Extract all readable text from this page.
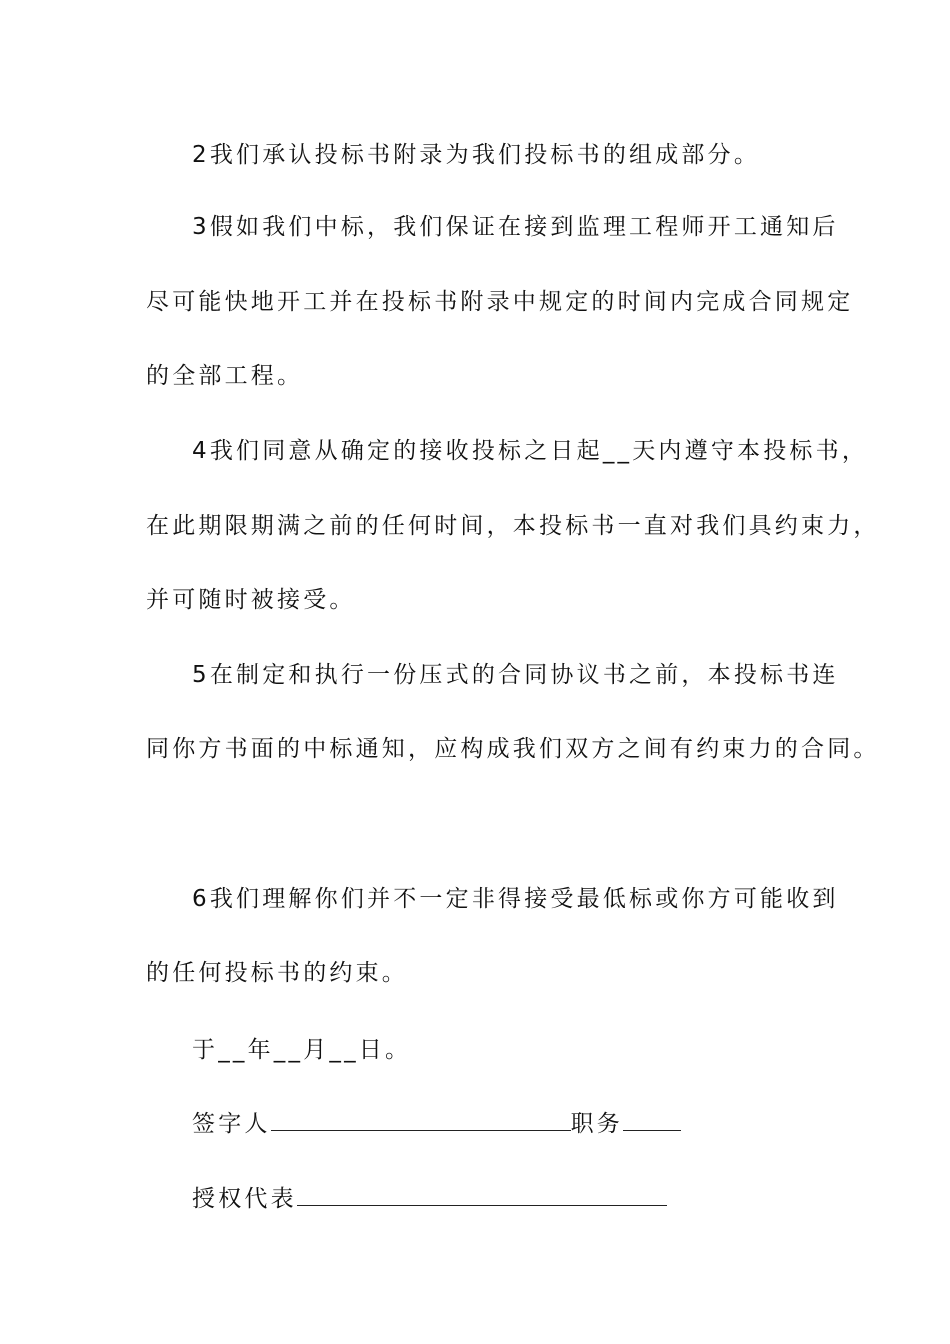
2我们承认投标书附录为我们投标书的组成部分。
3假如我们中标，我们保证在接到监理工程师开工通知后
尽可能快地开工并在投标书附录中规定的时间内完成合同规定
的全部工程。
4我们同意从确定的接收投标之日起__天内遵守本投标书，
在此期限期满之前的任何时间，本投标书一直对我们具约束力，
并可随时被接受。
5在制定和执行一份压式的合同协议书之前，本投标书连
同你方书面的中标通知，应构成我们双方之间有约束力的合同。
6我们理解你们并不一定非得接受最低标或你方可能收到
的任何投标书的约束。
于__年__月__日。
签字人	职务
授权代表
